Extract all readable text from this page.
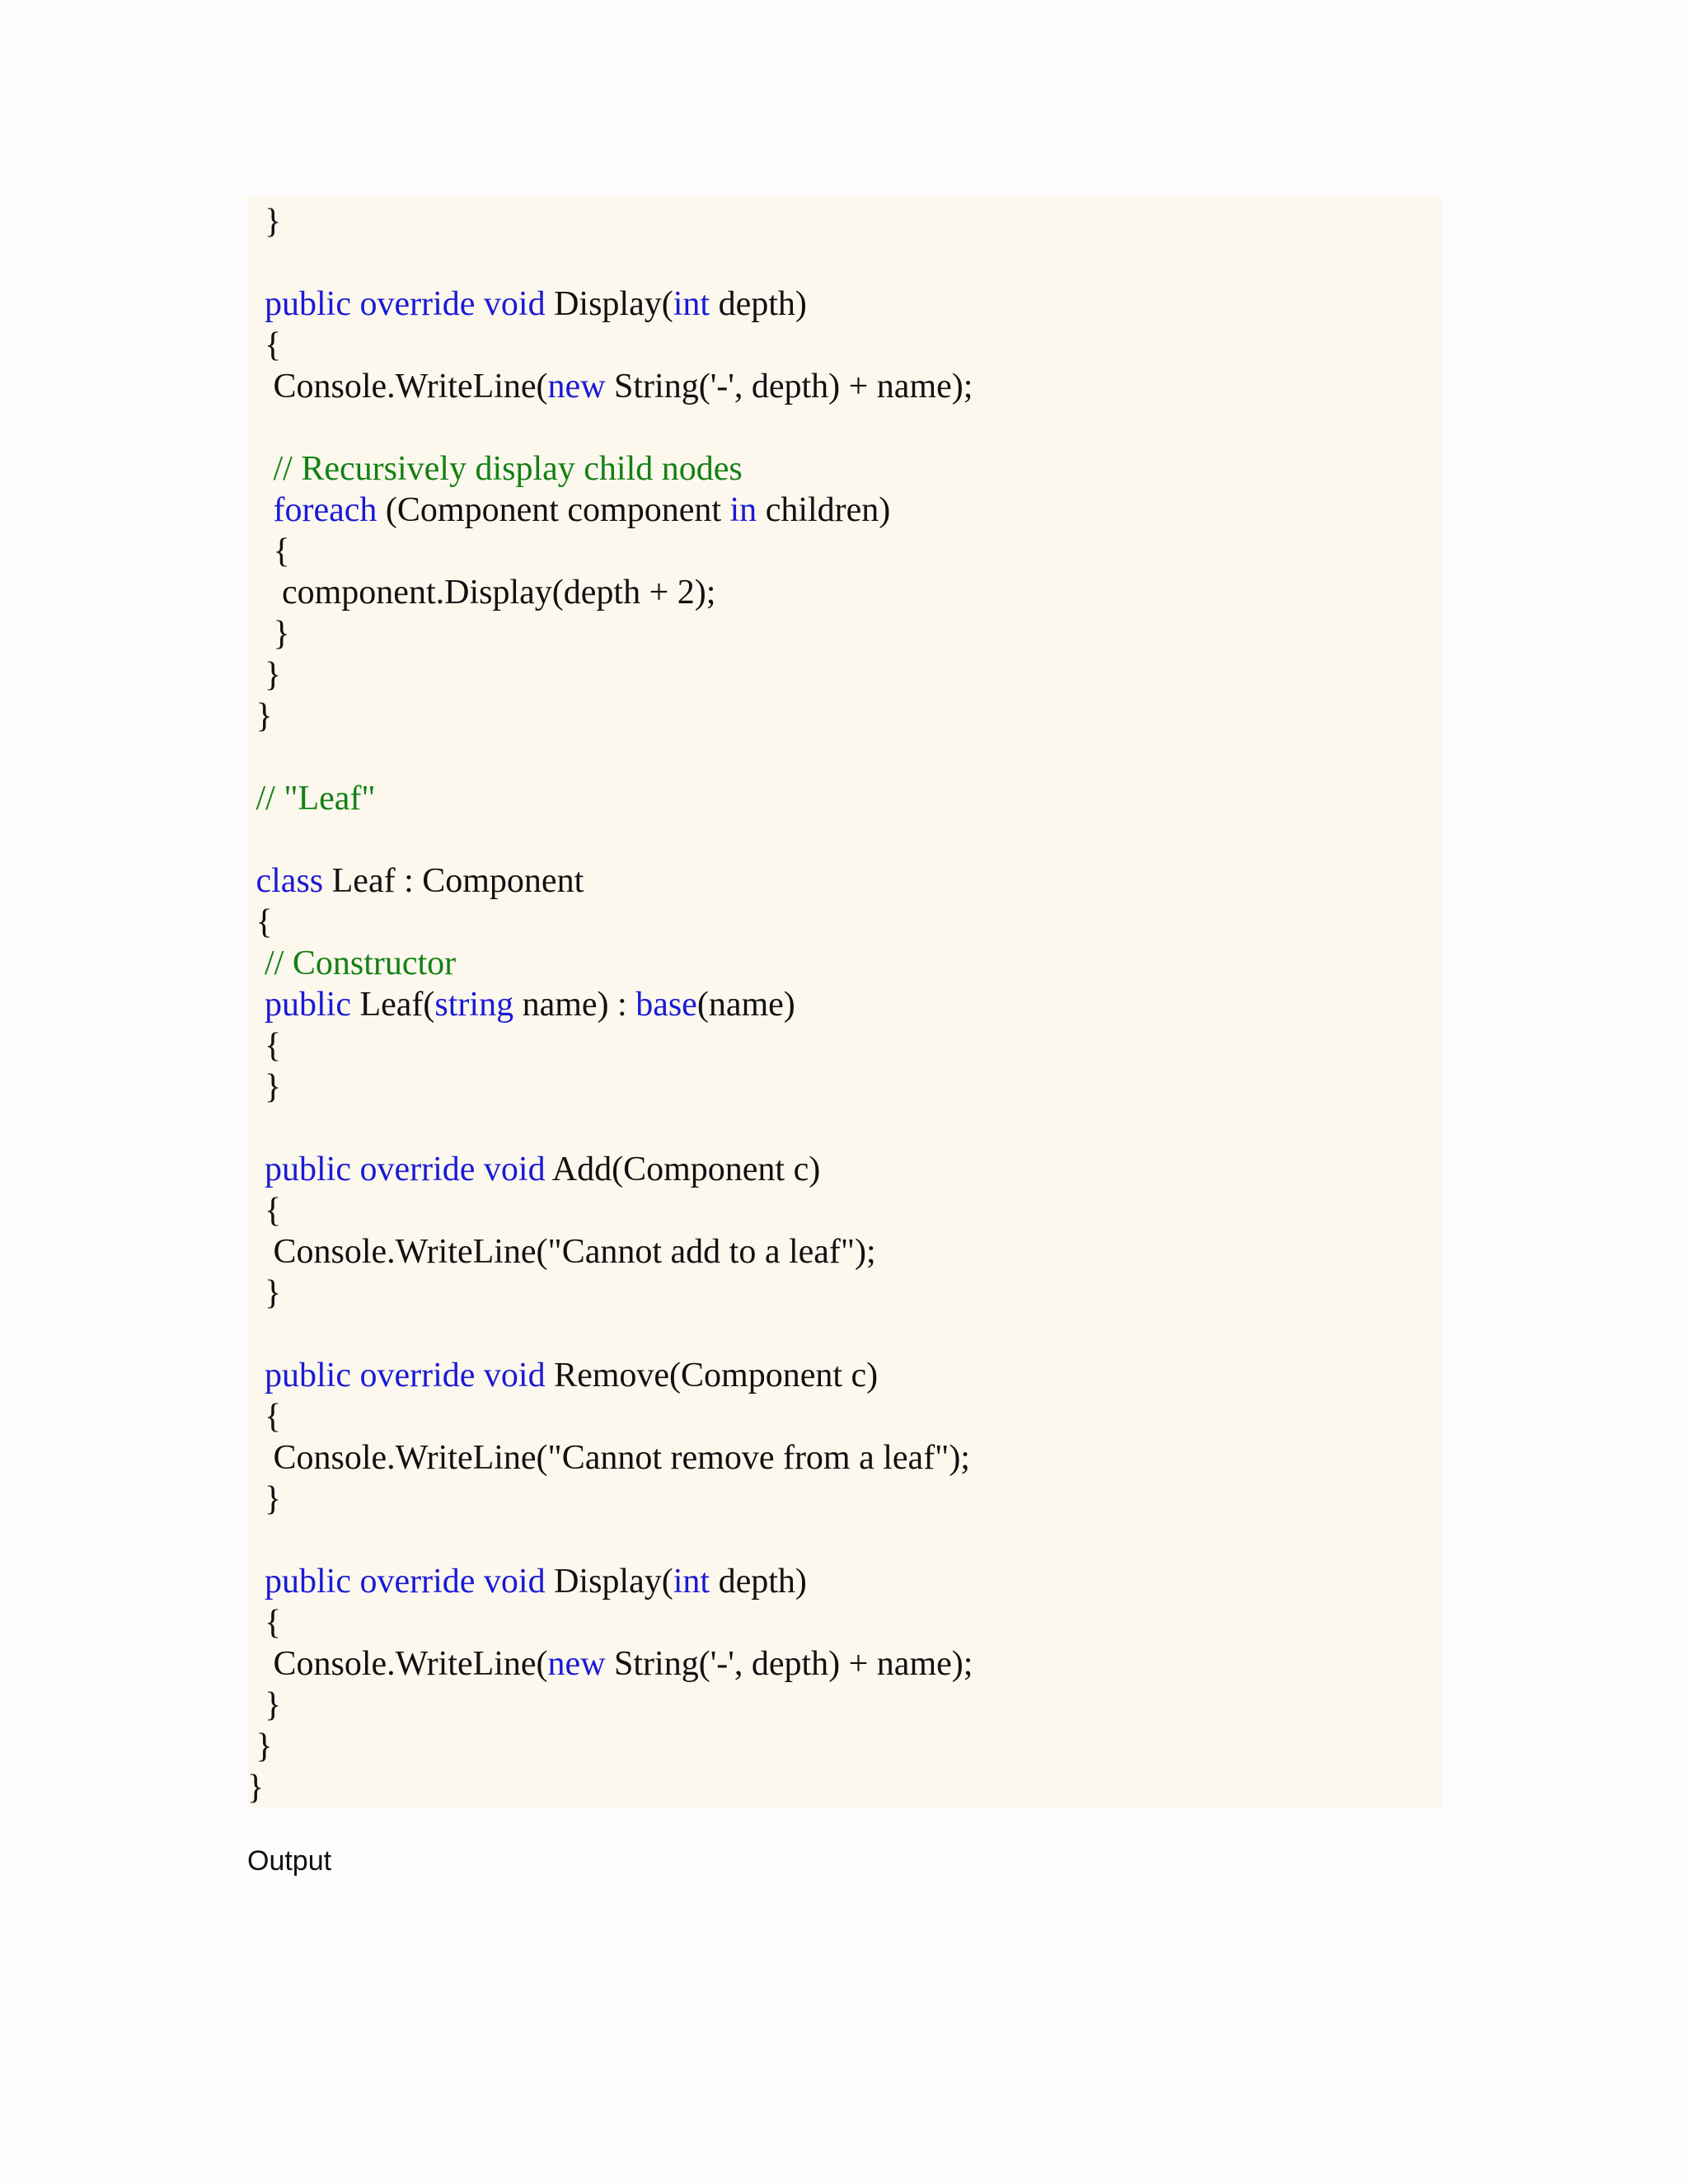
}
public override void Display(int depth)
{
Console.WriteLine(new String('-', depth) + name);
// Recursively display child nodes
foreach (Component component in children)
{
component.Display(depth + 2);
}
}
}
// "Leaf"
class Leaf : Component
{
// Constructor
public Leaf(string name) : base(name)
{
}
public override void Add(Component c)
{
Console.WriteLine("Cannot add to a leaf");
}
public override void Remove(Component c)
{
Console.WriteLine("Cannot remove from a leaf");
}
public override void Display(int depth)
{
Console.WriteLine(new String('-', depth) + name);
}
}
}
Output
